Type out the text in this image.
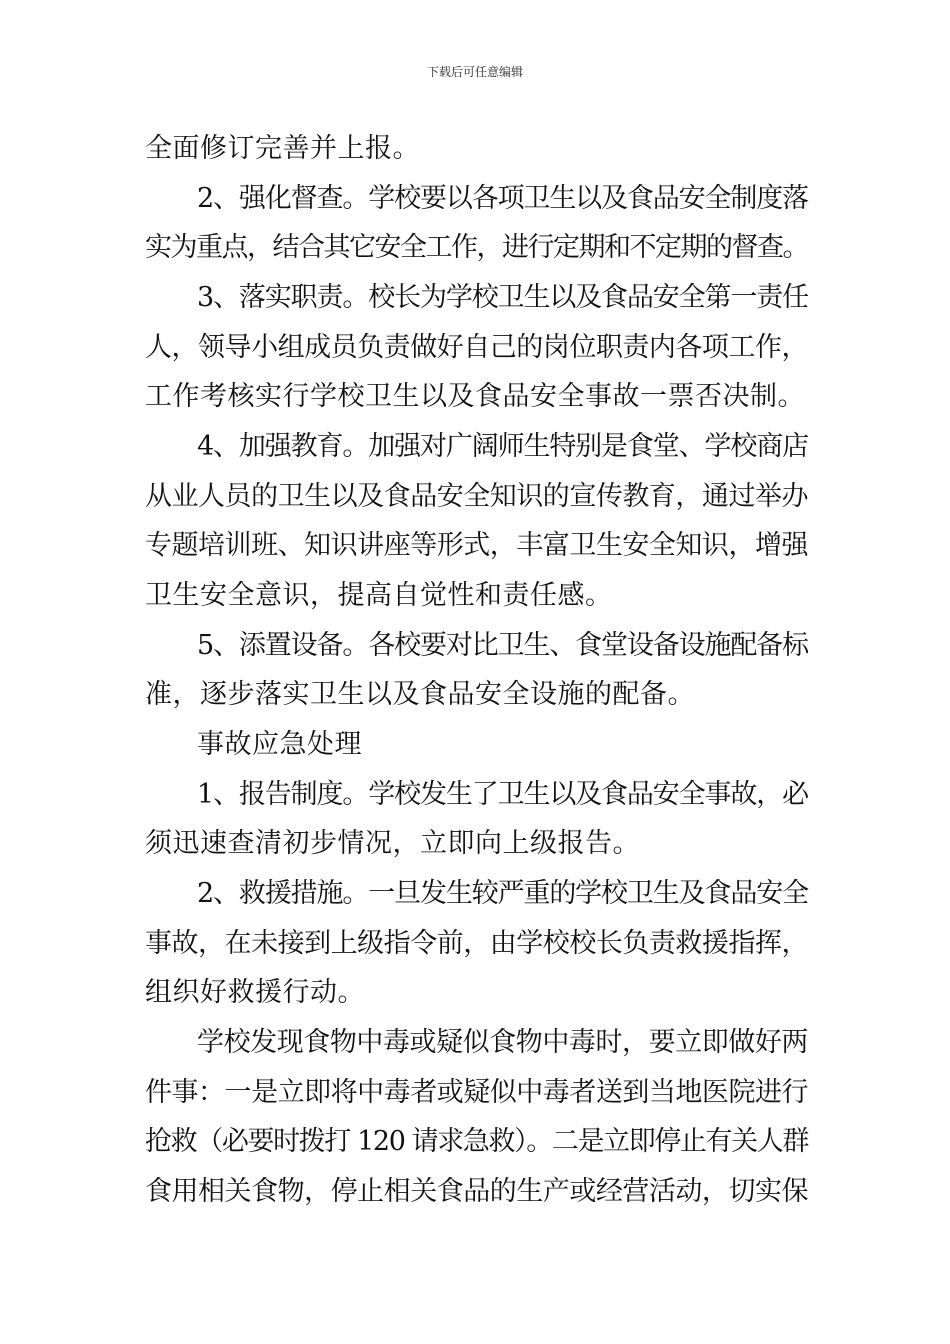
下载后可任意编辑
全面修订完善并上报。
2、强化督查。学校要以各项卫生以及食品安全制度落
实为重点，结合其它安全工作，进行定期和不定期的督查。
3、落实职责。校长为学校卫生以及食品安全第一责任
人，领导小组成员负责做好自己的岗位职责内各项工作，
工作考核实行学校卫生以及食品安全事故一票否决制。
4、加强教育。加强对广阔师生特别是食堂、学校商店
从业人员的卫生以及食品安全知识的宣传教育，通过举办
专题培训班、知识讲座等形式，丰富卫生安全知识，增强
卫生安全意识，提高自觉性和责任感。
5、添置设备。各校要对比卫生、食堂设备设施配备标
准，逐步落实卫生以及食品安全设施的配备。
事故应急处理
1、报告制度。学校发生了卫生以及食品安全事故，必
须迅速查清初步情况，立即向上级报告。
2、救援措施。一旦发生较严重的学校卫生及食品安全
事故，在未接到上级指令前，由学校校长负责救援指挥，
组织好救援行动。
学校发现食物中毒或疑似食物中毒时，要立即做好两
件事：一是立即将中毒者或疑似中毒者送到当地医院进行
抢救（必要时拨打 120 请求急救）。二是立即停止有关人群
食用相关食物，停止相关食品的生产或经营活动，切实保
